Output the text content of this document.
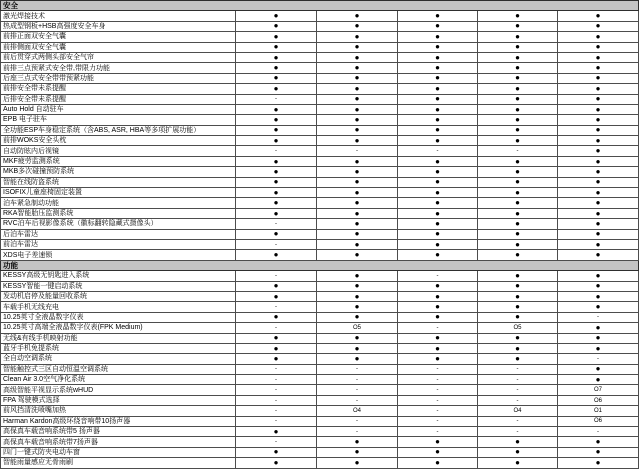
安全					
激光焊接技术	●	●	●	●	●
热成型钢板+HSB高强度安全车身	●	●	●	●	●
前排正面双安全气囊	●	●	●	●	●
前排侧面双安全气囊	●	●	●	●	●
前后贯穿式两侧头部安全气帘	●	●	●	●	●
前排三点预紧式安全带,带限力功能	●	●	●	●	●
后座三点式安全带带预紧功能	●	●	●	●	●
前排安全带未系提醒	●	●	●	●	●
后排安全带未系提醒	-	●	●	●	●
Auto Hold 自动驻车	●	●	●	●	●
EPB 电子驻车	●	●	●	●	●
全功能ESP车身稳定系统（含ABS, ASR, HBA等多项扩展功能）	●	●	●	●	●
前排WOKS安全头枕	●	●	●	●	●
自动防眩内后视镜	-	-	-	-	●
MKF疲劳监测系统	●	●	●	●	●
MKB多次碰撞预防系统	●	●	●	●	●
智能在线防盗系统	●	●	●	●	●
ISOFIX儿童座椅固定装置	●	●	●	●	●
泊车紧急制动功能	●	●	●	●	●
RKA智能胎压监测系统	●	●	●	●	●
RVC泊车后视影像系统（徽标翻转隐藏式摄像头）	-	●	●	●	●
后泊车雷达	●	●	●	●	●
前泊车雷达	-	●	●	●	●
XDS电子差速锁	●	●	●	●	●
功能					
KESSY高级无钥匙进入系统	-	●	-	●	●
KESSY智能一键启动系统	●	●	●	●	●
发动机启停及能量回收系统	●	●	●	●	●
车载手机无线充电	-	●	●	●	●
10.25英寸全液晶数字仪表	●	●	●	●	-
10.25英寸高端全液晶数字仪表(FPK Medium)	-	O5	-	O5	●
无线&有线手机映射功能	●	●	●	●	●
蓝牙手机免提系统	●	●	●	●	●
全自动空调系统	●	●	●	●	-
智能触控式三区自动恒温空调系统	-	-	-	-	●
Clean Air 3.0空气净化系统	-	-	-	-	●
高级智能平视显示系统wHUD	-	-	-	-	O7
FPA 驾驶模式选择	-	-	-	-	O6
前风挡清洗喷嘴加热	-	O4	-	O4	O1
Harman Kardon高级环绕音响带10扬声器	-	-	-	-	O6
高保真车载音响系统带5 扬声器	●	-	-	-	-
高保真车载音响系统带7扬声器	-	●	●	●	●
四门一键式防夹电动车窗	●	●	●	●	●
智能雨量感应无骨雨刷	●	●	●	●	●
